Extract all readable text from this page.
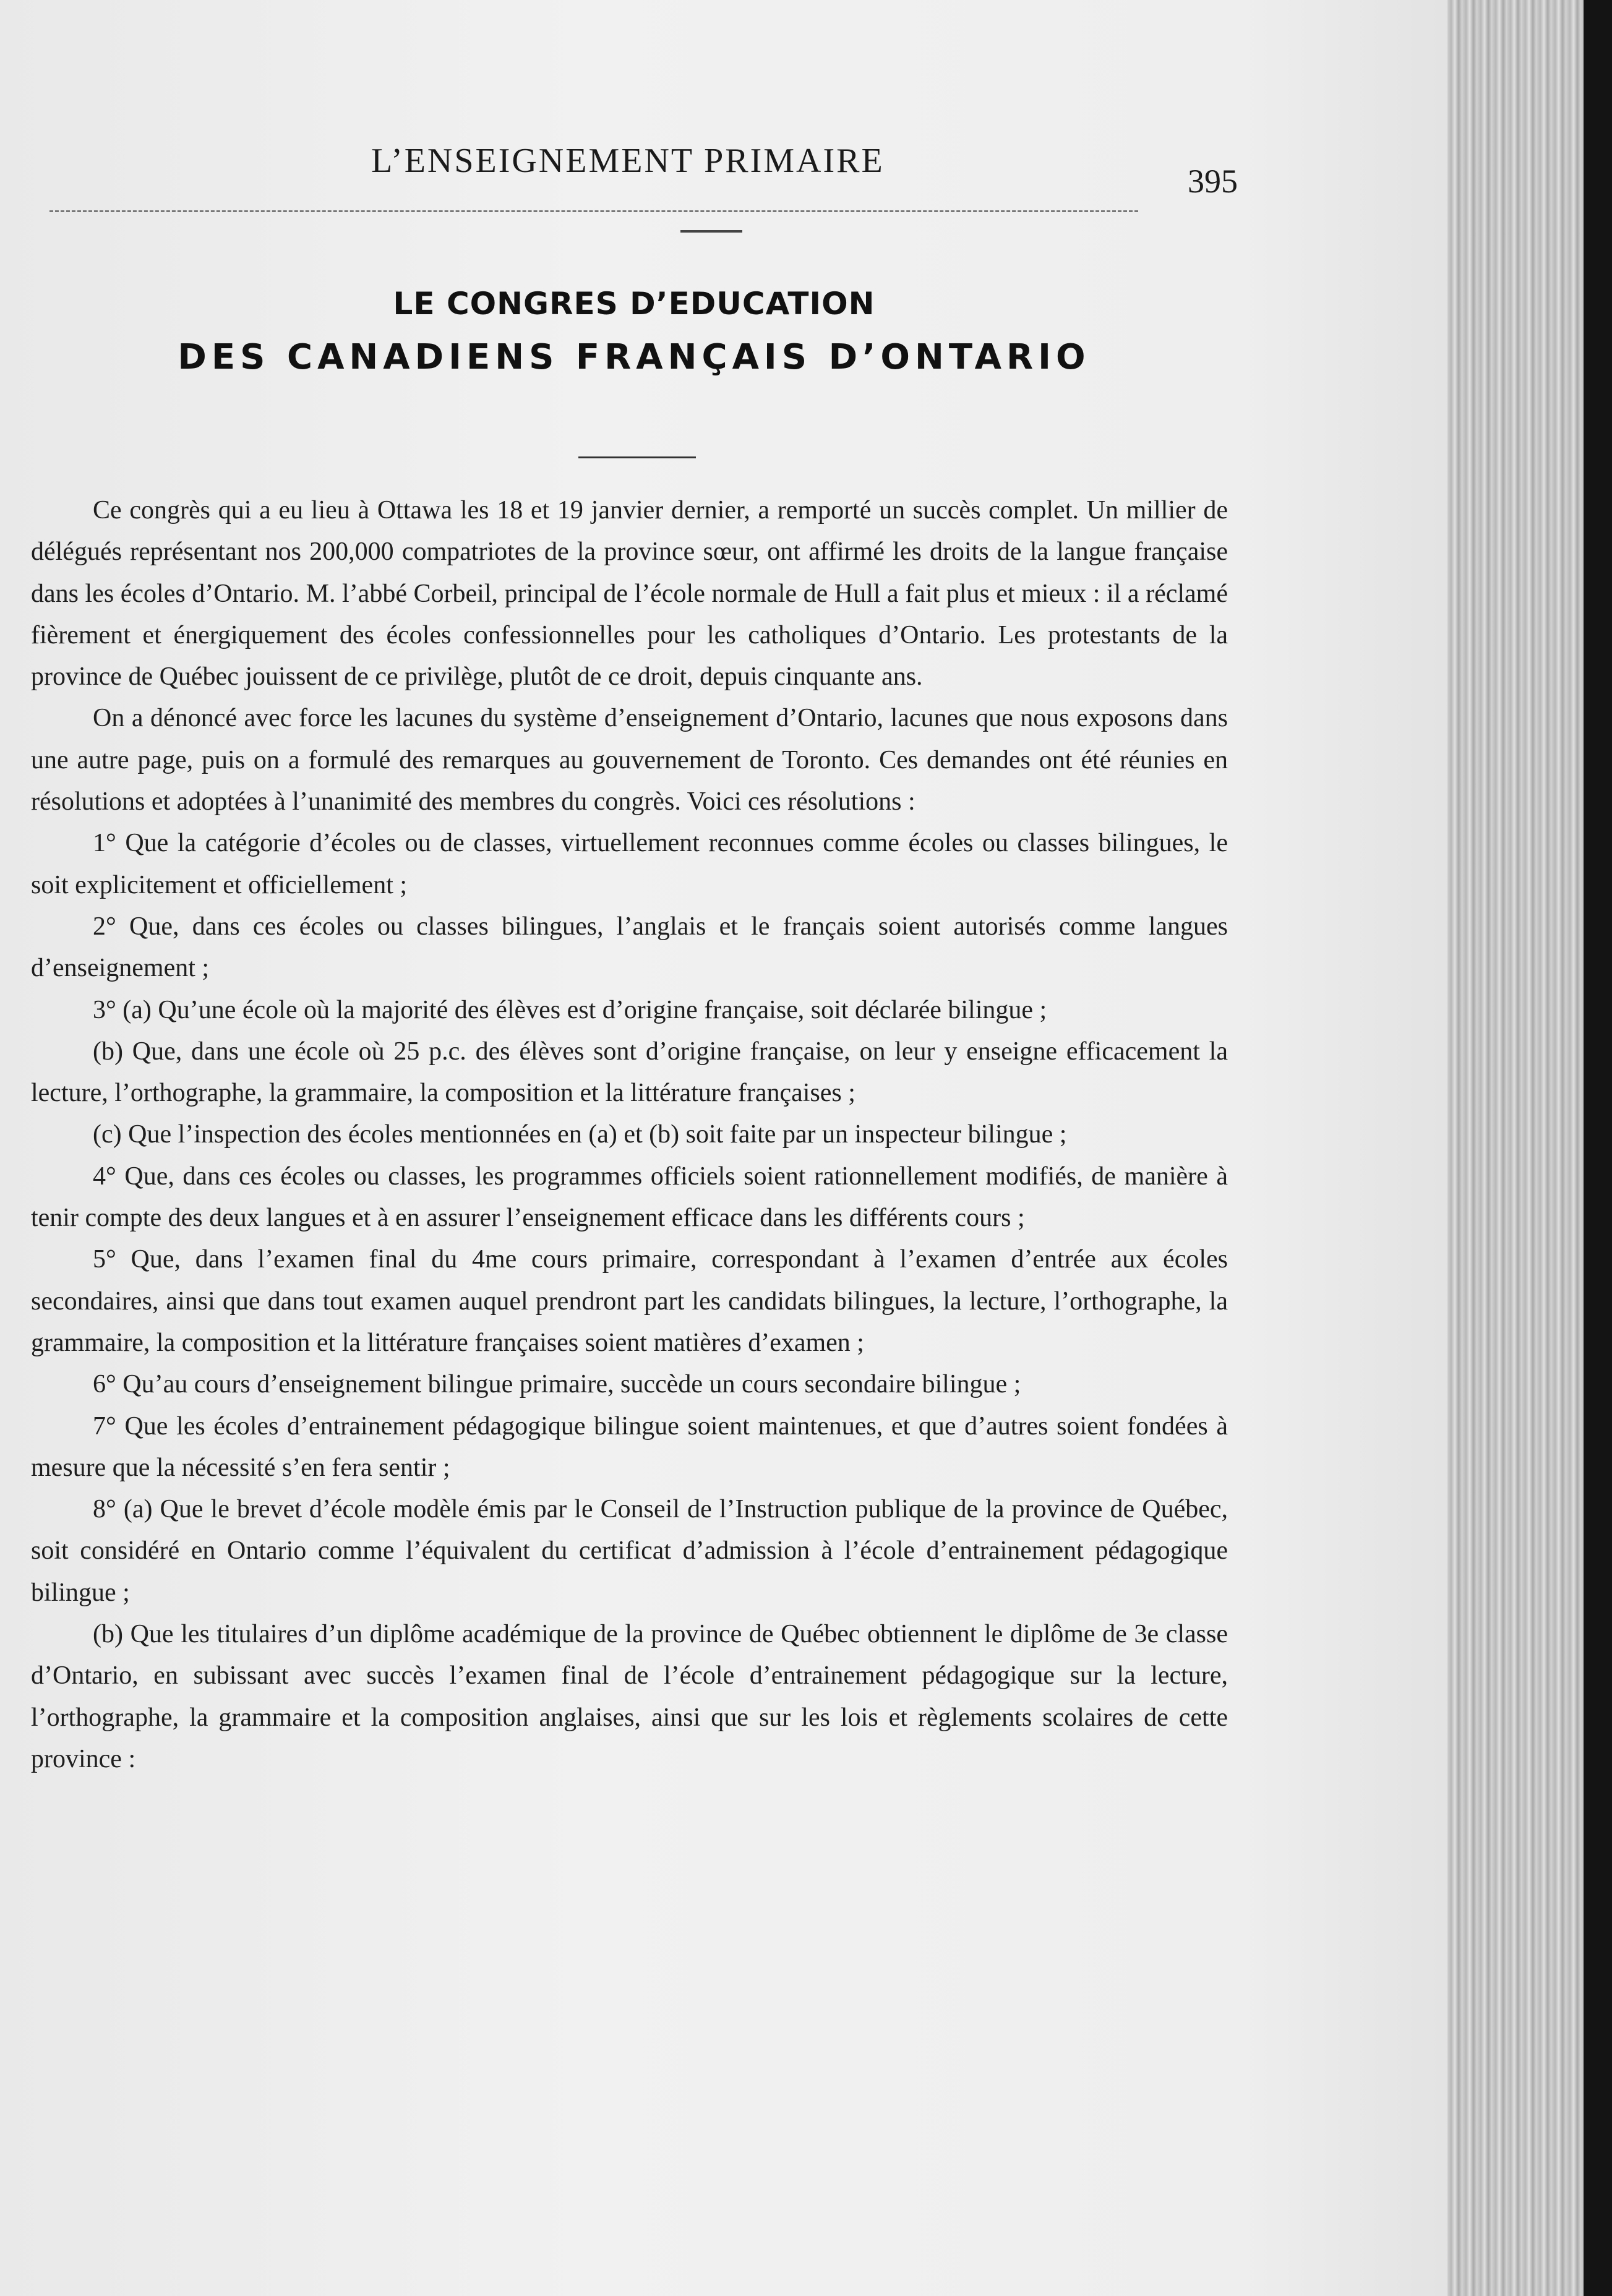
L’ENSEIGNEMENT PRIMAIRE
395
LE CONGRES D’EDUCATION
DES CANADIENS FRANÇAIS D’ONTARIO

Ce congrès qui a eu lieu à Ottawa les 18 et 19 janvier dernier, a remporté un succès complet. Un millier de délégués représentant nos 200,000 compatriotes de la province sœur, ont affirmé les droits de la langue française dans les écoles d’Ontario. M. l’abbé Corbeil, principal de l’école normale de Hull a fait plus et mieux : il a réclamé fièrement et énergiquement des écoles confessionnelles pour les catholiques d’Ontario. Les protestants de la province de Québec jouissent de ce privilège, plutôt de ce droit, depuis cinquante ans.

On a dénoncé avec force les lacunes du système d’enseignement d’Ontario, lacunes que nous exposons dans une autre page, puis on a formulé des remarques au gouvernement de Toronto. Ces demandes ont été réunies en résolutions et adoptées à l’unanimité des membres du congrès. Voici ces résolutions :

1° Que la catégorie d’écoles ou de classes, virtuellement reconnues comme écoles ou classes bilingues, le soit explicitement et officiellement ;

2° Que, dans ces écoles ou classes bilingues, l’anglais et le français soient autorisés comme langues d’enseignement ;

3° (a) Qu’une école où la majorité des élèves est d’origine française, soit déclarée bilingue ;

(b) Que, dans une école où 25 p.c. des élèves sont d’origine française, on leur y enseigne efficacement la lecture, l’orthographe, la grammaire, la composition et la littérature françaises ;

(c) Que l’inspection des écoles mentionnées en (a) et (b) soit faite par un inspecteur bilingue ;

4° Que, dans ces écoles ou classes, les programmes officiels soient rationnellement modifiés, de manière à tenir compte des deux langues et à en assurer l’enseignement efficace dans les différents cours ;

5° Que, dans l’examen final du 4me cours primaire, correspondant à l’examen d’entrée aux écoles secondaires, ainsi que dans tout examen auquel prendront part les candidats bilingues, la lecture, l’orthographe, la grammaire, la composition et la littérature françaises soient matières d’examen ;

6° Qu’au cours d’enseignement bilingue primaire, succède un cours secondaire bilingue ;

7° Que les écoles d’entrainement pédagogique bilingue soient maintenues, et que d’autres soient fondées à mesure que la nécessité s’en fera sentir ;

8° (a) Que le brevet d’école modèle émis par le Conseil de l’Instruction publique de la province de Québec, soit considéré en Ontario comme l’équivalent du certificat d’admission à l’école d’entrainement pédagogique bilingue ;

(b) Que les titulaires d’un diplôme académique de la province de Québec obtiennent le diplôme de 3e classe d’Ontario, en subissant avec succès l’examen final de l’école d’entrainement pédagogique sur la lecture, l’orthographe, la grammaire et la composition anglaises, ainsi que sur les lois et règlements scolaires de cette province :
